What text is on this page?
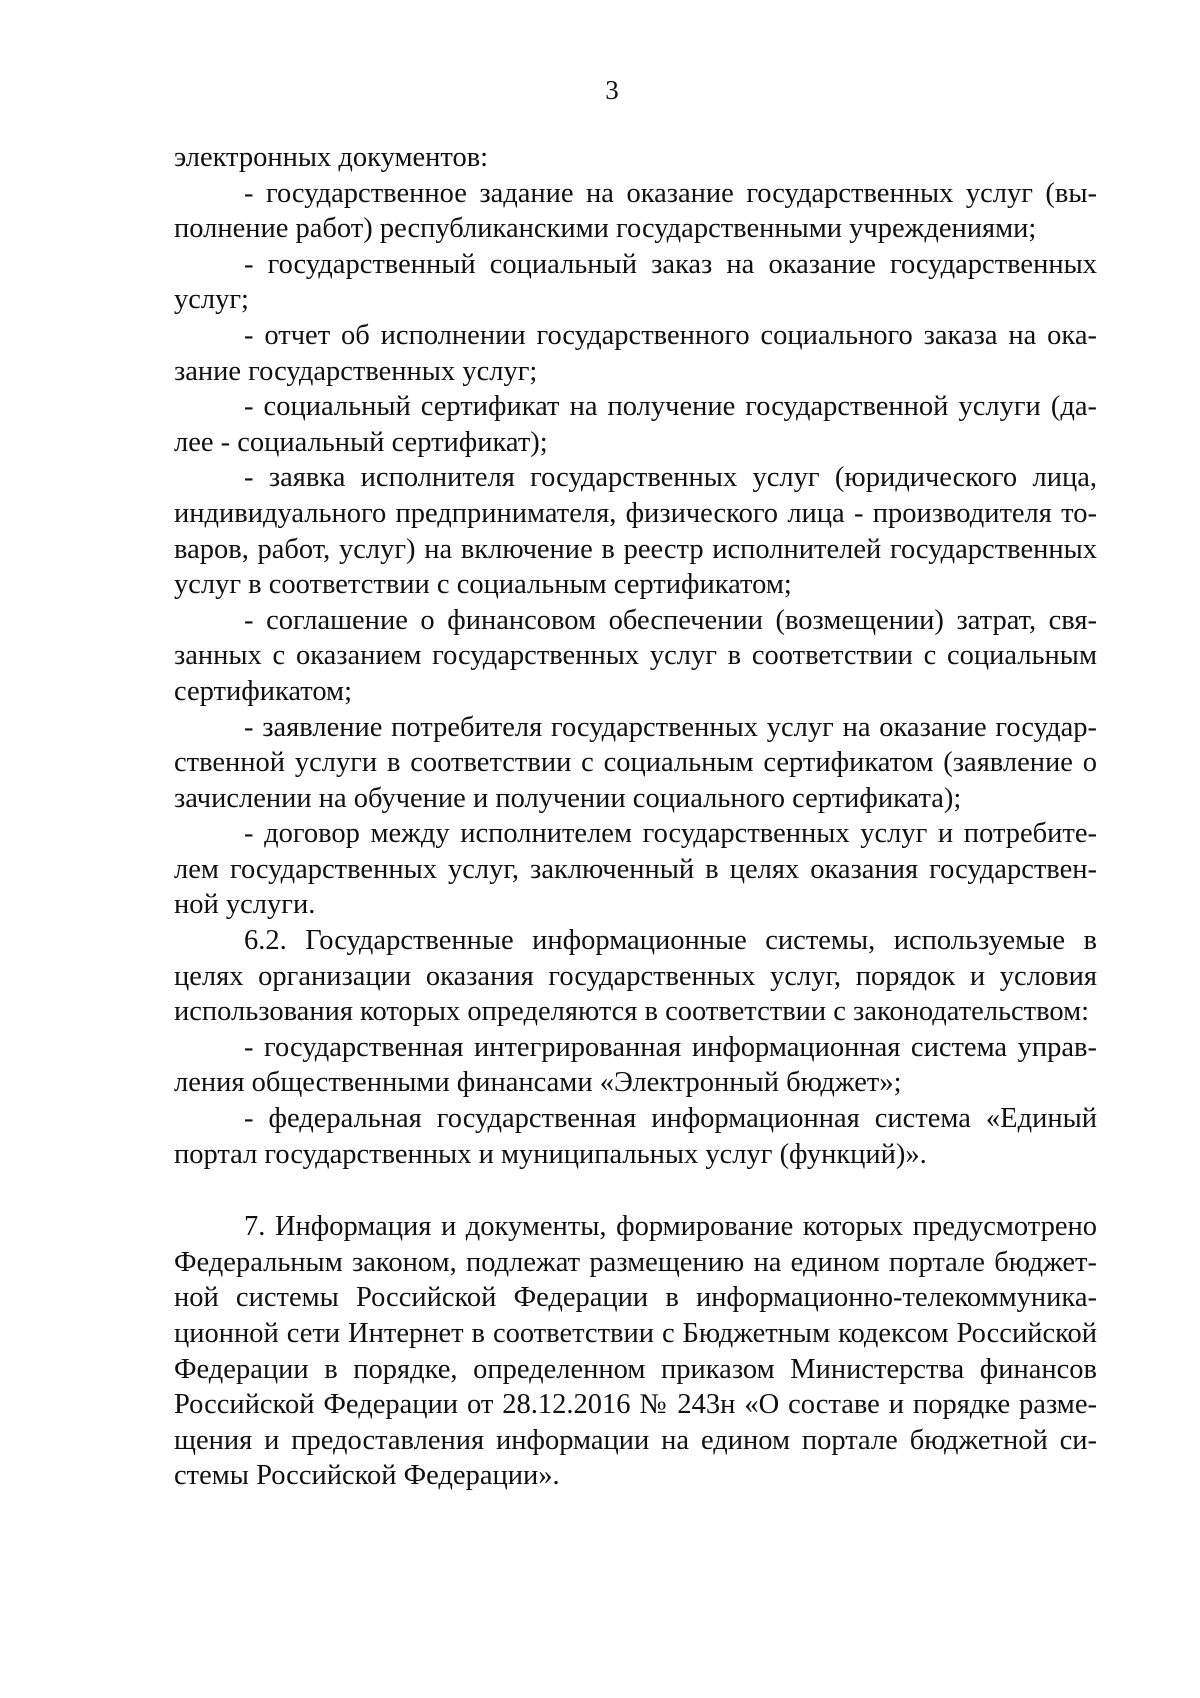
3

электронных документов:

- государственное задание на оказание государственных услуг (выполнение работ) республиканскими государственными учреждениями;

- государственный социальный заказ на оказание государственных услуг;

- отчет об исполнении государственного социального заказа на оказание государственных услуг;

- социальный сертификат на получение государственной услуги (далее - социальный сертификат);

- заявка исполнителя государственных услуг (юридического лица, индивидуального предпринимателя, физического лица - производителя товаров, работ, услуг) на включение в реестр исполнителей государственных услуг в соответствии с социальным сертификатом;

- соглашение о финансовом обеспечении (возмещении) затрат, связанных с оказанием государственных услуг в соответствии с социальным сертификатом;

- заявление потребителя государственных услуг на оказание государственной услуги в соответствии с социальным сертификатом (заявление о зачислении на обучение и получении социального сертификата);

- договор между исполнителем государственных услуг и потребителем государственных услуг, заключенный в целях оказания государственной услуги.

6.2. Государственные информационные системы, используемые в целях организации оказания государственных услуг, порядок и условия использования которых определяются в соответствии с законодательством:

- государственная интегрированная информационная система управления общественными финансами «Электронный бюджет»;

- федеральная государственная информационная система «Единый портал государственных и муниципальных услуг (функций)».

7. Информация и документы, формирование которых предусмотрено Федеральным законом, подлежат размещению на едином портале бюджетной системы Российской Федерации в информационно-телекоммуникационной сети Интернет в соответствии с Бюджетным кодексом Российской Федерации в порядке, определенном приказом Министерства финансов Российской Федерации от 28.12.2016 № 243н «О составе и порядке размещения и предоставления информации на едином портале бюджетной системы Российской Федерации».
